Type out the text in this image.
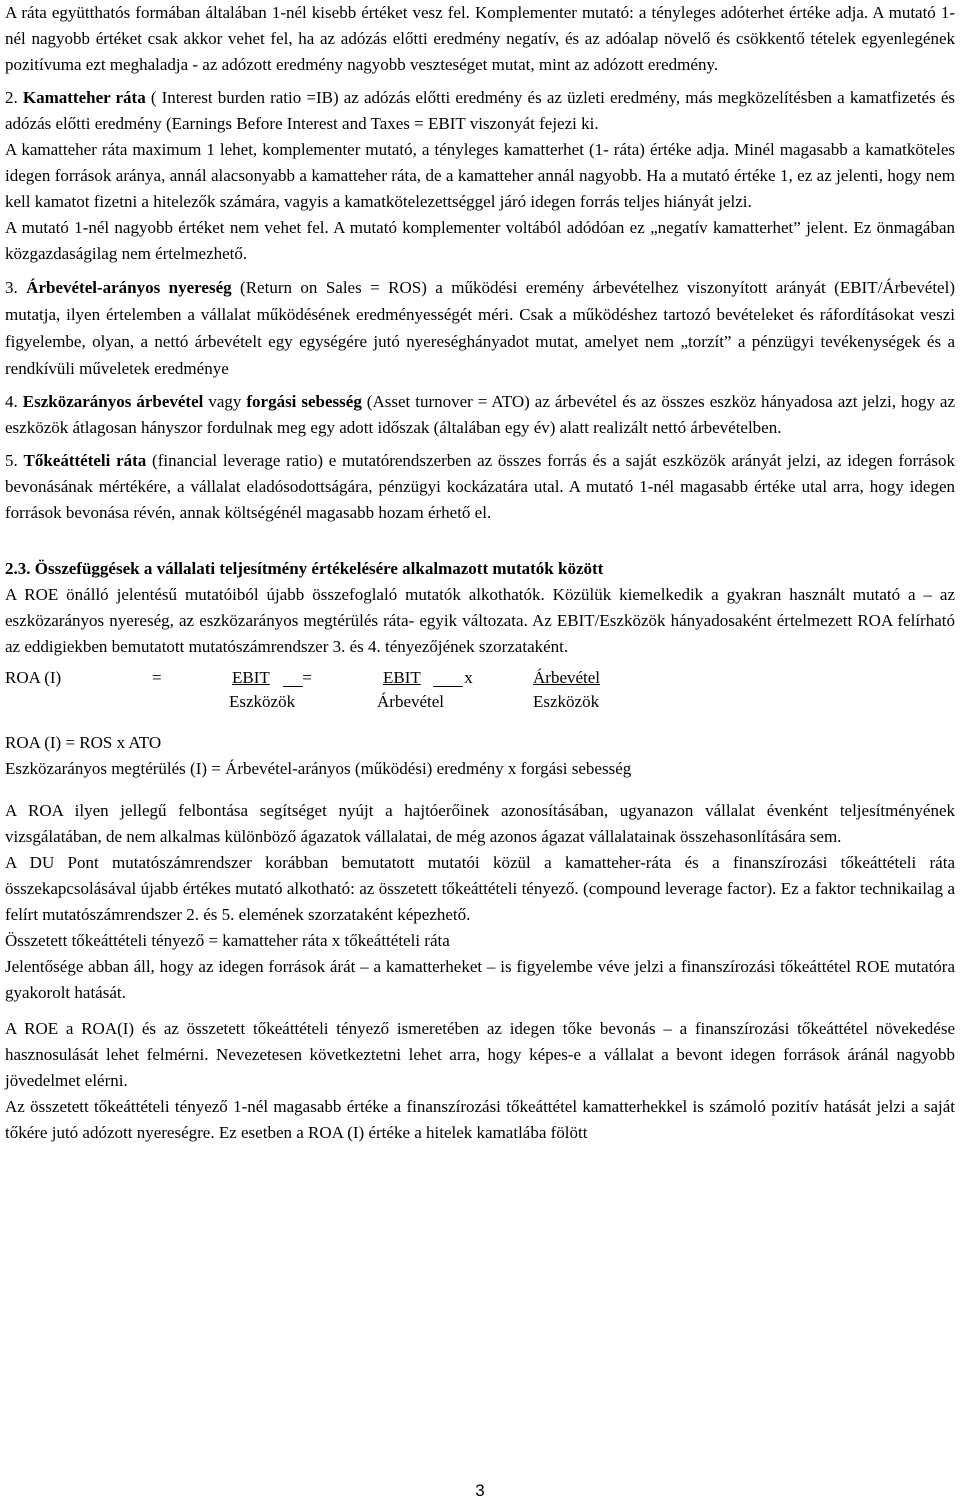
A ráta együtthatós formában általában 1-nél kisebb értéket vesz fel. Komplementer mutató: a tényleges adóterhet értéke adja. A mutató 1-nél nagyobb értéket csak akkor vehet fel, ha az adózás előtti eredmény negatív, és az adóalap növelő és csökkentő tételek egyenlegének pozitívuma ezt meghaladja - az adózott eredmény nagyobb veszteséget mutat, mint az adózott eredmény.

2. Kamatteher ráta ( Interest burden ratio =IB) az adózás előtti eredmény és az üzleti eredmény, más megközelítésben a kamatfizetés és adózás előtti eredmény (Earnings Before Interest and Taxes = EBIT viszonyát fejezi ki.

A kamatteher ráta maximum 1 lehet, komplementer mutató, a tényleges kamatterhet (1- ráta) értéke adja. Minél magasabb a kamatköteles idegen források aránya, annál alacsonyabb a kamatteher ráta, de a kamatteher annál nagyobb. Ha a mutató értéke 1, ez az jelenti, hogy nem kell kamatot fizetni a hitelezők számára, vagyis a kamatkötelezettséggel járó idegen forrás teljes hiányát jelzi.

A mutató 1-nél nagyobb értéket nem vehet fel. A mutató komplementer voltából adódóan ez „negatív kamatterhet” jelent. Ez önmagában közgazdaságilag nem értelmezhető.

3. Árbevétel-arányos nyereség (Return on Sales = ROS) a működési eremény árbevételhez viszonyított arányát (EBIT/Árbevétel) mutatja, ilyen értelemben a vállalat működésének eredményességét méri. Csak a működéshez tartozó bevételeket és ráfordításokat veszi figyelembe, olyan, a nettó árbevételt egy egységére jutó nyereséghányadot mutat, amelyet nem „torzít” a pénzügyi tevékenységek és a rendkívüli műveletek eredménye

4. Eszközarányos árbevétel vagy forgási sebesség (Asset turnover = ATO) az árbevétel és az összes eszköz hányadosa azt jelzi, hogy az eszközök átlagosan hányszor fordulnak meg egy adott időszak (általában egy év) alatt realizált nettó árbevételben.

5. Tőkeáttételi ráta (financial leverage ratio) e mutatórendszerben az összes forrás és a saját eszközök arányát jelzi, az idegen források bevonásának mértékére, a vállalat eladósodottságára, pénzügyi kockázatára utal. A mutató 1-nél magasabb értéke utal arra, hogy idegen források bevonása révén, annak költségénél magasabb hozam érhető el.

2.3. Összefüggések a vállalati teljesítmény értékelésére alkalmazott mutatók között

A ROE önálló jelentésű mutatóiból újabb összefoglaló mutatók alkothatók. Közülük kiemelkedik a gyakran használt mutató a – az eszközarányos nyereség, az eszközarányos megtérülés ráta- egyik változata. Az EBIT/Eszközök hányadosaként értelmezett ROA felírható az eddigiekben bemutatott mutatószámrendszer 3. és 4. tényezőjének szorzataként.

ROA (I)	=	EBIT =	EBIT x	Árbevétel
Eszközök	Árbevétel	Eszközök

ROA (I) = ROS x ATO

Eszközarányos megtérülés (I) = Árbevétel-arányos (működési) eredmény x forgási sebesség

A ROA ilyen jellegű felbontása segítséget nyújt a hajtóerőinek azonosításában, ugyanazon vállalat évenként teljesítményének vizsgálatában, de nem alkalmas különböző ágazatok vállalatai, de még azonos ágazat vállalatainak összehasonlítására sem.

A DU Pont mutatószámrendszer korábban bemutatott mutatói közül a kamatteher-ráta és a finanszírozási tőkeáttételi ráta összekapcsolásával újabb értékes mutató alkotható: az összetett tőkeáttételi tényező. (compound leverage factor). Ez a faktor technikailag a felírt mutatószámrendszer 2. és 5. elemének szorzataként képezhető.

Összetett tőkeáttételi tényező = kamatteher ráta x tőkeáttételi ráta

Jelentősége abban áll, hogy az idegen források árát – a kamatterheket – is figyelembe véve jelzi a finanszírozási tőkeáttétel ROE mutatóra gyakorolt hatását.

A ROE a ROA(I) és az összetett tőkeáttételi tényező ismeretében az idegen tőke bevonás – a finanszírozási tőkeáttétel növekedése hasznosulását lehet felmérni. Nevezetesen következtetni lehet arra, hogy képes-e a vállalat a bevont idegen források áránál nagyobb jövedelmet elérni.

Az összetett tőkeáttételi tényező 1-nél magasabb értéke a finanszírozási tőkeáttétel kamatterhekkel is számoló pozitív hatását jelzi a saját tőkére jutó adózott nyereségre. Ez esetben a ROA (I) értéke a hitelek kamatlába fölött

3
